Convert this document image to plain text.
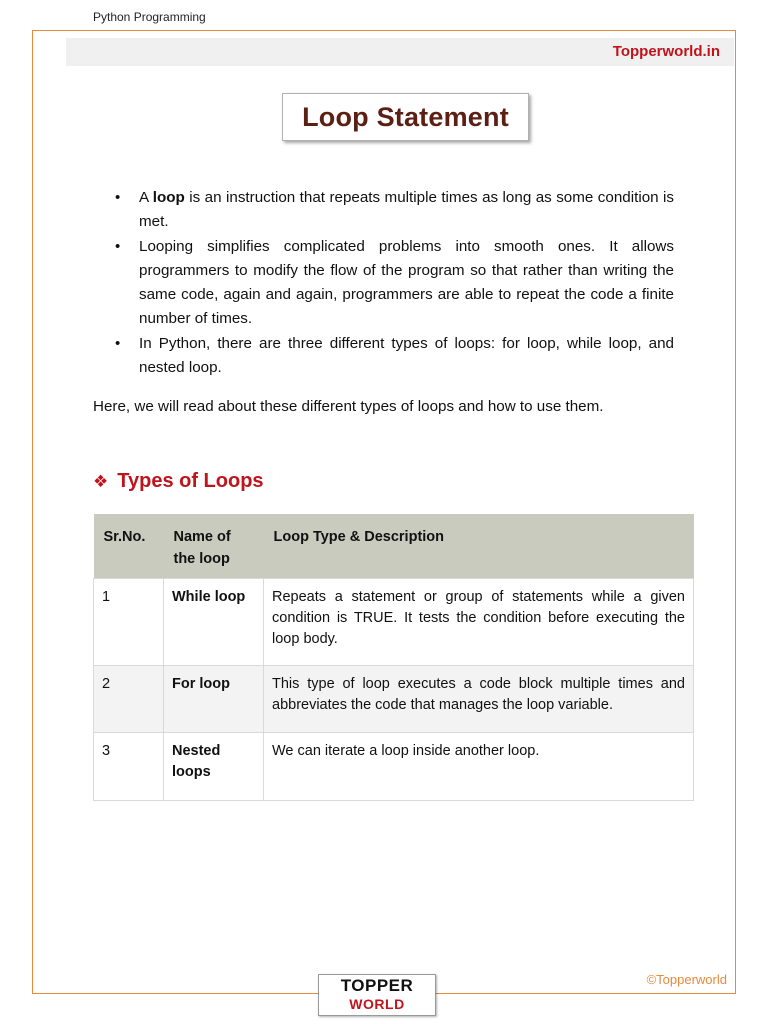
Python Programming
Topperworld.in
Loop Statement
• A loop is an instruction that repeats multiple times as long as some condition is met.
• Looping simplifies complicated problems into smooth ones. It allows programmers to modify the flow of the program so that rather than writing the same code, again and again, programmers are able to repeat the code a finite number of times.
• In Python, there are three different types of loops: for loop, while loop, and nested loop.
Here, we will read about these different types of loops and how to use them.
❖ Types of Loops
Sr.No.	Name of the loop	Loop Type & Description
1	While loop	Repeats a statement or group of statements while a given condition is TRUE. It tests the condition before executing the loop body.
2	For loop	This type of loop executes a code block multiple times and abbreviates the code that manages the loop variable.
3	Nested loops	We can iterate a loop inside another loop.
©Topperworld
TOPPER
WORLD
